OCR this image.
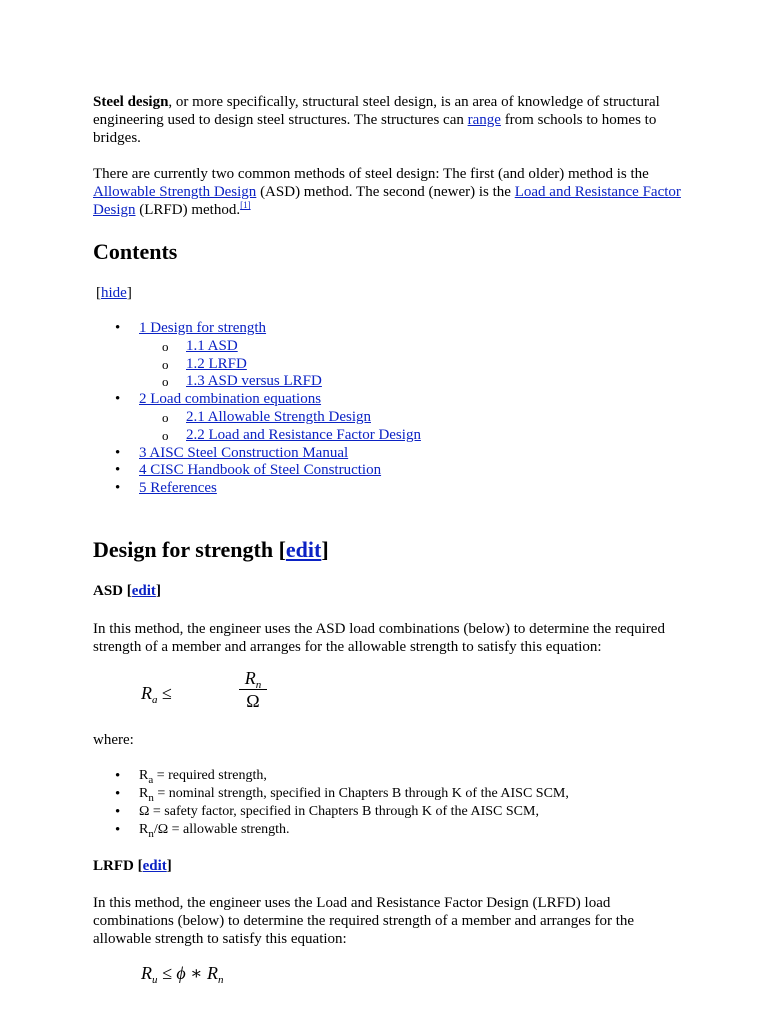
Steel design, or more specifically, structural steel design, is an area of knowledge of structural engineering used to design steel structures. The structures can range from schools to homes to bridges.

There are currently two common methods of steel design: The first (and older) method is the Allowable Strength Design (ASD) method. The second (newer) is the Load and Resistance Factor Design (LRFD) method.[1]

Contents
[hide]
• 1 Design for strength
o 1.1 ASD
o 1.2 LRFD
o 1.3 ASD versus LRFD
• 2 Load combination equations
o 2.1 Allowable Strength Design
o 2.2 Load and Resistance Factor Design
• 3 AISC Steel Construction Manual
• 4 CISC Handbook of Steel Construction
• 5 References
Design for strength [edit]
ASD [edit]

In this method, the engineer uses the ASD load combinations (below) to determine the required strength of a member and arranges for the allowable strength to satisfy this equation:

$R_a$ ≤	$\frac{R_n}{\Omega}$

where:

• $R_a$ = required strength,
• $R_n$ = nominal strength, specified in Chapters B through K of the AISC SCM,
• Ω = safety factor, specified in Chapters B through K of the AISC SCM,
• $R_n/\Omega$ = allowable strength.
LRFD [edit]

In this method, the engineer uses the Load and Resistance Factor Design (LRFD) load combinations (below) to determine the required strength of a member and arranges for the allowable strength to satisfy this equation:

$R_u \le \phi$ ∗ $R_n$
